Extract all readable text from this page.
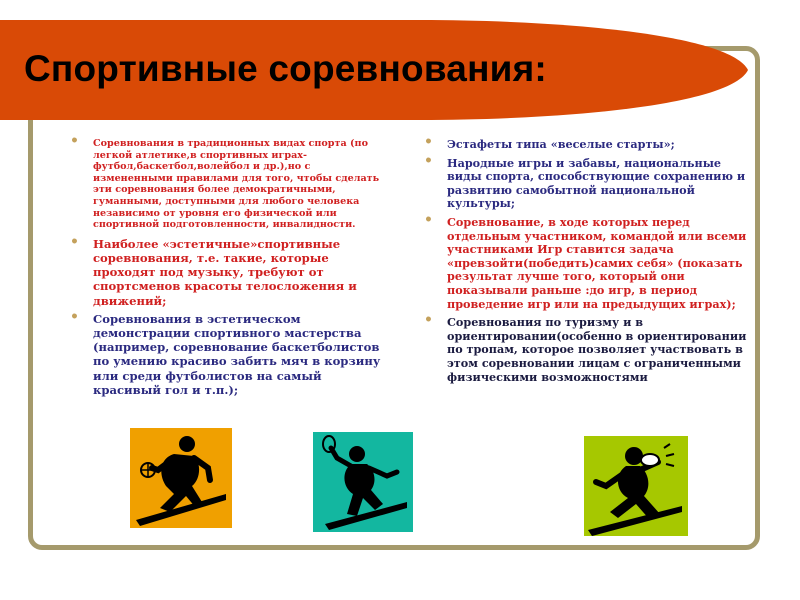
Спортивные соревнования:
• Соревнования в традиционных видах спорта (по легкой атлетике,в спортивных играх-футбол,баскетбол,волейбол и др.),но с измененными правилами для того, чтобы сделать эти соревнования более демократичными, гуманными, доступными для любого человека независимо от уровня его физической или спортивной подготовленности, инвалидности.
• Наиболее «эстетичные»спортивные соревнования, т.е. такие, которые проходят под музыку, требуют от спортсменов красоты телосложения и движений;
• Соревнования в эстетическом демонстрации спортивного мастерства (например, соревнование баскетболистов по умению красиво забить мяч в корзину или среди футболистов на самый красивый гол и т.п.);
• Эстафеты типа «веселые старты»;
• Народные игры и забавы, национальные виды спорта, способствующие сохранению и развитию самобытной национальной культуры;
• Соревнование, в ходе которых перед отдельным участником, командой или всеми участниками Игр ставится задача «превзойти(победить)самих себя» (показать результат лучше того, который они показывали раньше :до игр, в период проведение игр или на предыдущих играх);
• Соревнования по туризму и в ориентировании(особенно в ориентировании по тропам, которое позволяет участвовать в этом соревновании лицам с ограниченными физическими возможностями
